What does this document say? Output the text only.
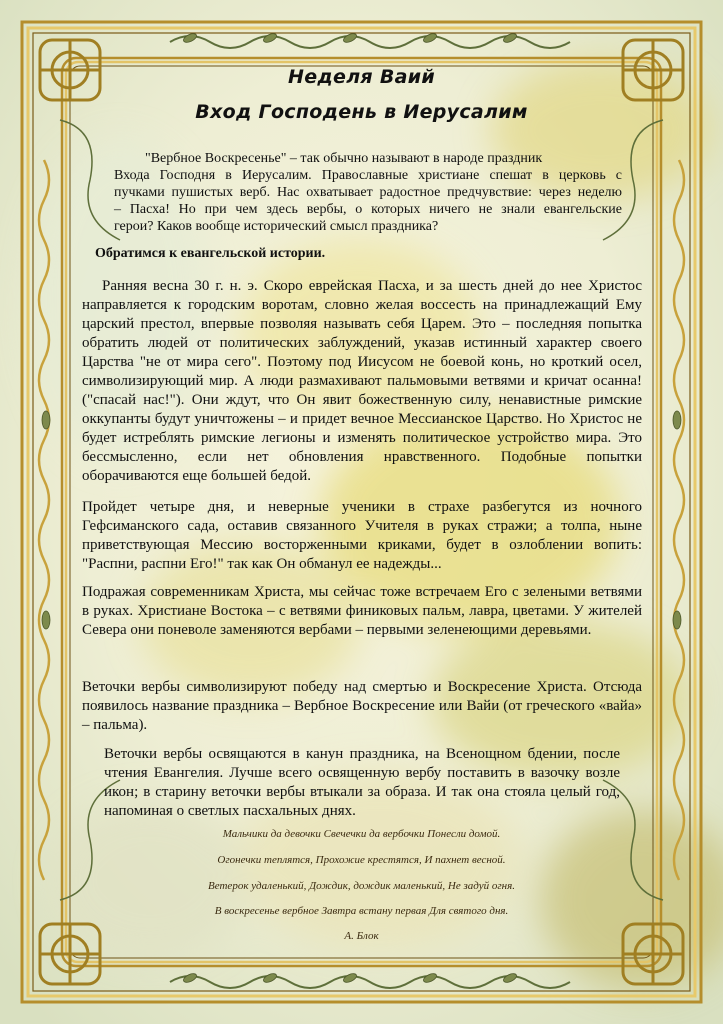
Неделя Ваий
Вход Господень в Иерусалим
"Вербное Воскресенье" – так обычно называют в народе праздник
Входа Господня в Иерусалим. Православные христиане спешат в церковь с
пучками пушистых верб. Нас охватывает радостное предчувствие: через неделю
– Пасха! Но при чем здесь вербы, о которых ничего не знали евангельские
герои? Каков вообще исторический смысл праздника?
Обратимся к евангельской истории.
Ранняя весна 30 г. н. э. Скоро еврейская Пасха, и за шесть дней до нее Христос направляется к городским воротам, словно желая воссесть на принадлежащий Ему царский престол, впервые позволяя называть себя Царем. Это – последняя попытка обратить людей от политических заблуждений, указав истинный характер своего Царства "не от мира сего". Поэтому под Иисусом не боевой конь, но кроткий осел, символизирующий мир. А люди размахивают пальмовыми ветвями и кричат осанна! ("спасай нас!"). Они ждут, что Он явит божественную силу, ненавистные римские оккупанты будут уничтожены – и придет вечное Мессианское Царство. Но Христос не будет истреблять римские легионы и изменять политическое устройство мира. Это бессмысленно, если нет обновления нравственного. Подобные попытки оборачиваются еще большей бедой.
Пройдет четыре дня, и неверные ученики в страхе разбегутся из ночного Гефсиманского сада, оставив связанного Учителя в руках стражи; а толпа, ныне приветствующая Мессию восторженными криками, будет в озлоблении вопить: "Распни, распни Его!" так как Он обманул ее надежды...
Подражая современникам Христа, мы сейчас тоже встречаем Его с зелеными ветвями в руках. Христиане Востока – с ветвями финиковых пальм, лавра, цветами. У жителей Севера они поневоле заменяются вербами – первыми зеленеющими деревьями.
Веточки вербы символизируют победу над смертью и Воскресение Христа. Отсюда появилось название праздника – Вербное Воскресение или Вайи (от греческого «вайа» – пальма).
Веточки вербы освящаются в канун праздника, на Всенощном бдении, после чтения Евангелия. Лучше всего освященную вербу поставить в вазочку возле икон; в старину веточки вербы втыкали за образа. И так она стояла целый год, напоминая о светлых пасхальных днях.
Мальчики да девочки Свечечки да вербочки Понесли домой.
Огонечки теплятся, Прохожие крестятся, И пахнет весной.
Ветерок удаленький, Дождик, дождик маленький, Не задуй огня.
В воскресенье вербное Завтра встану первая Для святого дня.
А. Блок
